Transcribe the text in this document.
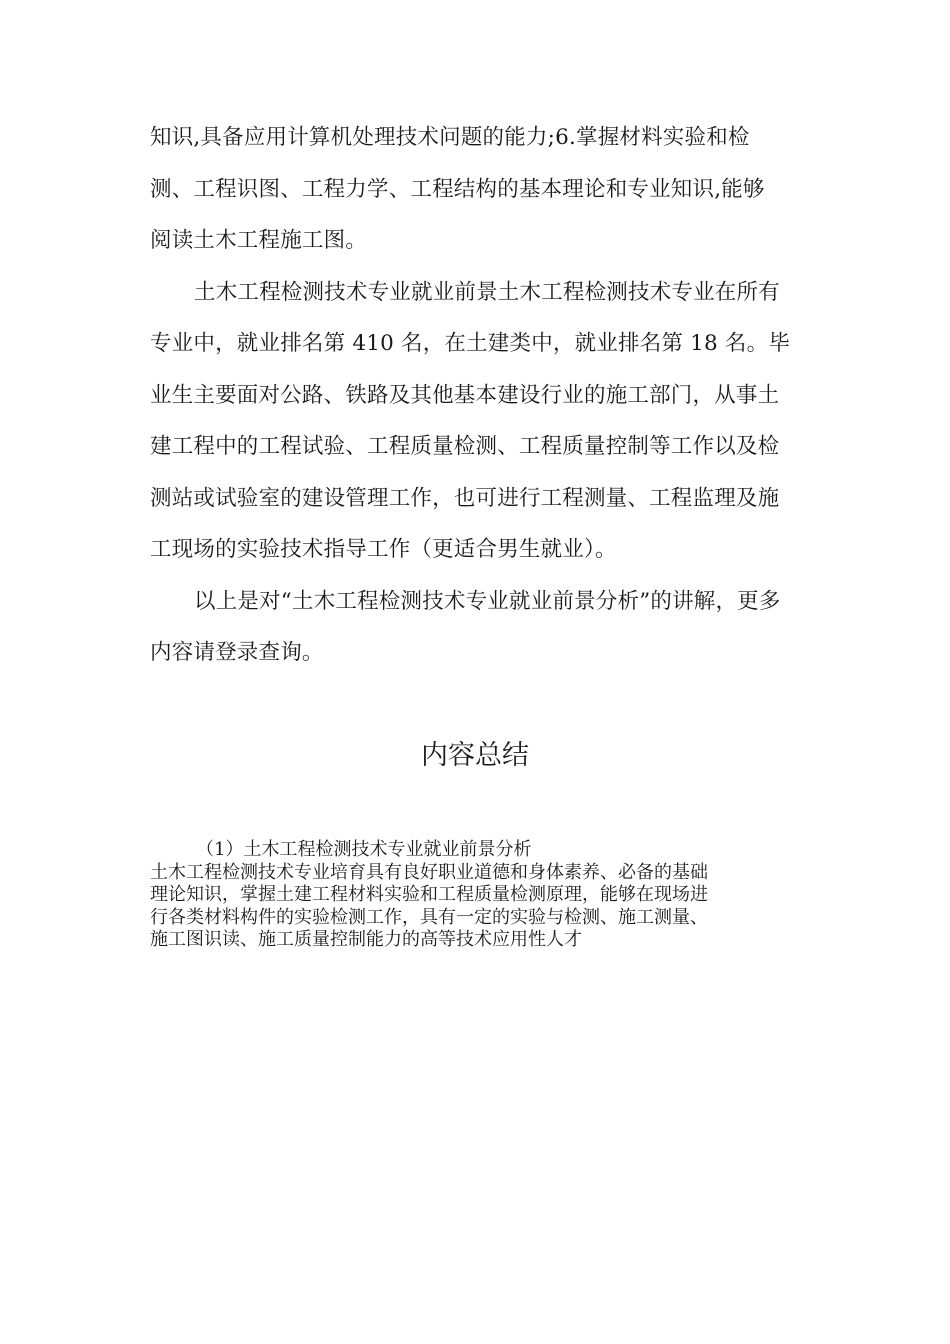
知识,具备应用计算机处理技术问题的能力;6.掌握材料实验和检
测、工程识图、工程力学、工程结构的基本理论和专业知识,能够
阅读土木工程施工图。
土木工程检测技术专业就业前景土木工程检测技术专业在所有
专业中，就业排名第 410 名，在土建类中，就业排名第 18 名。毕
业生主要面对公路、铁路及其他基本建设行业的施工部门，从事土
建工程中的工程试验、工程质量检测、工程质量控制等工作以及检
测站或试验室的建设管理工作，也可进行工程测量、工程监理及施
工现场的实验技术指导工作（更适合男生就业）。
以上是对“土木工程检测技术专业就业前景分析”的讲解，更多
内容请登录查询。
内容总结
（1）土木工程检测技术专业就业前景分析
土木工程检测技术专业培育具有良好职业道德和身体素养、必备的基础
理论知识，掌握土建工程材料实验和工程质量检测原理，能够在现场进
行各类材料构件的实验检测工作，具有一定的实验与检测、施工测量、
施工图识读、施工质量控制能力的高等技术应用性人才
